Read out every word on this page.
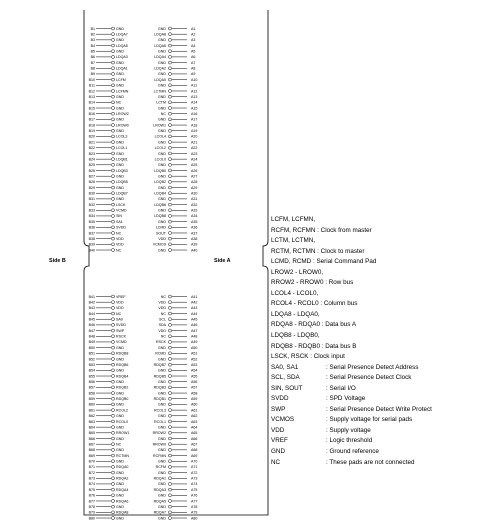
B1	GND
B2	LDQA7
B3	GND
B4	LDQA5
B5	GND
B6	LDQA3
B7	GND
B8	LDQA1
B9	GND
B10	LCFM
B11	GND
B12	LCFMN
B13	GND
B14	NC
B15	GND
B16	LROW2
B17	GND
B18	LROW0
B19	GND
B20	LCOL3
B21	GND
B22	LCOL1
B23	GND
B24	LDQB1
B25	GND
B26	LDQB3
B27	GND
B28	LDQB5
B29	GND
B30	LDQB7
B31	GND
B32	LSCK
B33	VCMD
B34	SIN
B35	SA1
B36	SVDD
B37	NC
B38	VDD
B39	VDD
B40	NC
B41	VREF
B42	VDD
B43	VDD
B44	NC
B45	SA0
B46	SVDD
B47	SWP
B48	RSCK
B49	VCMD
B50	GND
B51	RDQB8
B52	GND
B53	RDQB6
B54	GND
B55	RDQB4
B56	GND
B57	RDQB2
B58	GND
B59	RDQB0
B60	GND
B61	RCOL2
B62	GND
B63	RCOL0
B64	GND
B65	RROW1
B66	GND
B67	NC
B68	GND
B69	RCTMN
B70	GND
B71	RDQA0
B72	GND
B73	RDQA2
B74	GND
B75	RDQA4
B76	GND
B77	RDQA6
B78	GND
B79	RDQA8
B80	GND
GND	A1
LDQA8	A2
GND	A3
LDQA6	A4
GND	A5
LDQA4	A6
GND	A7
LDQA2	A8
GND	A9
LDQA0	A10
GND	A11
LCTMN	A12
GND	A13
LCTM	A14
GND	A15
NC	A16
GND	A17
LROW1	A18
GND	A19
LCOL4	A20
GND	A21
LCOL2	A22
GND	A23
LCOL0	A24
GND	A25
LDQB0	A26
GND	A27
LDQB2	A28
GND	A29
LDQB4	A30
GND	A31
LDQB6	A32
GND	A33
LDQB8	A34
GND	A35
LCMD	A36
SOUT	A37
VDD	A38
VCMOS	A39
GND	A40
NC	A41
VDD	A42
VDD	A43
NC	A44
SCL	A45
SDA	A46
VDD	A47
NC	A48
RSCK	A49
GND	A50
RCMD	A51
GND	A52
RDQB7	A53
GND	A54
RDQB5	A55
GND	A56
RDQB3	A57
GND	A58
RDQB1	A59
GND	A60
RCOL3	A61
GND	A62
RCOL1	A63
GND	A64
RROW2	A65
GND	A66
RROW0	A67
GND	A68
RCFMN	A69
GND	A70
RCFM	A71
GND	A72
RDQA1	A73
GND	A74
RDQA3	A75
GND	A76
RDQA5	A77
GND	A78
RDQA7	A79
GND	A80
Side B	Side A
LCFM, LCFMN,
RCFM, RCFMN : Clock from master
LCTM, LCTMN,
RCTM, RCTMN : Clock to master
LCMD, RCMD : Serial Command Pad
LROW2 - LROW0,
RROW2 - RROW0 : Row bus
LCOL4 - LCOL0,
RCOL4 - RCOL0 : Column bus
LDQA8 - LDQA0,
RDQA8 - RDQA0 : Data bus A
LDQB8 - LDQB0,
RDQB8 - RDQB0 : Data bus B
LSCK, RSCK : Clock input
SA0, SA1	: Serial Presence Detect Address
SCL, SDA	: Serial Presence Detect Clock
SIN, SOUT	: Serial I/O
SVDD	: SPD Voltage
SWP	: Serial Presence Detect Write Protect
VCMOS	: Supply voltage for serial pads
VDD	: Supply voltage
VREF	: Logic threshold
GND	: Ground reference
NC	: These pads are not connected
